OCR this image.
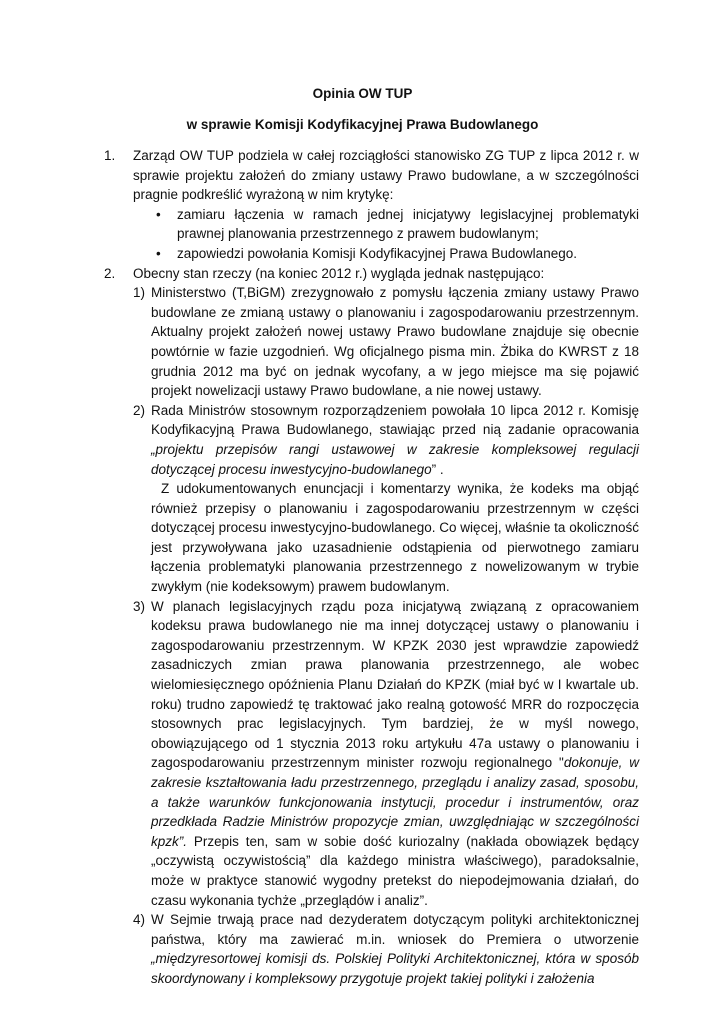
Opinia OW TUP
w sprawie Komisji Kodyfikacyjnej Prawa Budowlanego
1. Zarząd OW TUP podziela w całej rozciągłości stanowisko ZG TUP z lipca 2012 r. w sprawie projektu założeń do zmiany ustawy Prawo budowlane, a w szczególności pragnie podkreślić wyrażoną w nim krytykę:
• zamiaru łączenia w ramach jednej inicjatywy legislacyjnej problematyki prawnej planowania przestrzennego z prawem budowlanym;
• zapowiedzi powołania Komisji Kodyfikacyjnej Prawa Budowlanego.
2. Obecny stan rzeczy (na koniec 2012 r.) wygląda jednak następująco:
1) Ministerstwo (T,BiGM) zrezygnowało z pomysłu łączenia zmiany ustawy Prawo budowlane ze zmianą ustawy o planowaniu i zagospodarowaniu przestrzennym. Aktualny projekt założeń nowej ustawy Prawo budowlane znajduje się obecnie powtórnie w fazie uzgodnień. Wg oficjalnego pisma min. Żbika do KWRST z 18 grudnia 2012 ma być on jednak wycofany, a w jego miejsce ma się pojawić projekt nowelizacji ustawy Prawo budowlane, a nie nowej ustawy.
2) Rada Ministrów stosownym rozporządzeniem powołała 10 lipca 2012 r. Komisję Kodyfikacyjną Prawa Budowlanego, stawiając przed nią zadanie opracowania „projektu przepisów rangi ustawowej w zakresie kompleksowej regulacji dotyczącej procesu inwestycyjno-budowlanego” .
Z udokumentowanych enuncjacji i komentarzy wynika, że kodeks ma objąć również przepisy o planowaniu i zagospodarowaniu przestrzennym w części dotyczącej procesu inwestycyjno-budowlanego. Co więcej, właśnie ta okoliczność jest przywoływana jako uzasadnienie odstąpienia od pierwotnego zamiaru łączenia problematyki planowania przestrzennego z nowelizowanym w trybie zwykłym (nie kodeksowym) prawem budowlanym.
3) W planach legislacyjnych rządu poza inicjatywą związaną z opracowaniem kodeksu prawa budowlanego nie ma innej dotyczącej ustawy o planowaniu i zagospodarowaniu przestrzennym. W KPZK 2030 jest wprawdzie zapowiedź zasadniczych zmian prawa planowania przestrzennego, ale wobec wielomiesięcznego opóźnienia Planu Działań do KPZK (miał być w I kwartale ub. roku) trudno zapowiedź tę traktować jako realną gotowość MRR do rozpoczęcia stosownych prac legislacyjnych. Tym bardziej, że w myśl nowego, obowiązującego od 1 stycznia 2013 roku artykułu 47a ustawy o planowaniu i zagospodarowaniu przestrzennym minister rozwoju regionalnego "dokonuje, w zakresie kształtowania ładu przestrzennego, przeglądu i analizy zasad, sposobu, a także warunków funkcjonowania instytucji, procedur i instrumentów, oraz przedkłada Radzie Ministrów propozycje zmian, uwzględniając w szczególności kpzk”. Przepis ten, sam w sobie dość kuriozalny (nakłada obowiązek będący „oczywistą oczywistością” dla każdego ministra właściwego), paradoksalnie, może w praktyce stanowić wygodny pretekst do niepodejmowania działań, do czasu wykonania tychże „przeglądów i analiz”.
4) W Sejmie trwają prace nad dezyderatem dotyczącym polityki architektonicznej państwa, który ma zawierać m.in. wniosek do Premiera o utworzenie „międzyresortowej komisji ds. Polskiej Polityki Architektonicznej, która w sposób skoordynowany i kompleksowy przygotuje projekt takiej polityki i założenia
